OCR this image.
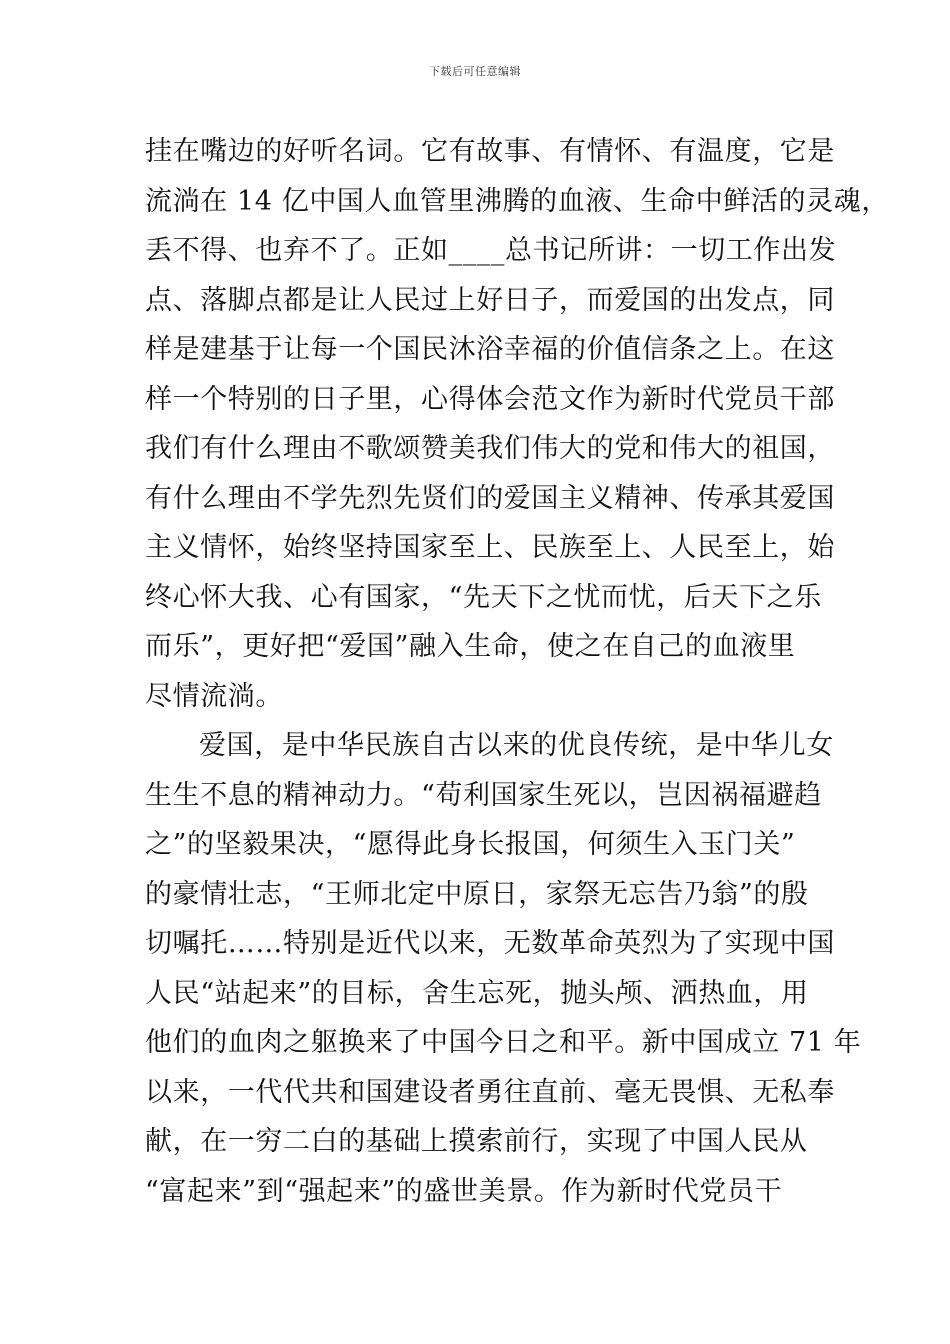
下载后可任意编辑
挂在嘴边的好听名词。它有故事、有情怀、有温度，它是
流淌在 14 亿中国人血管里沸腾的血液、生命中鲜活的灵魂，
丢不得、也弃不了。正如____总书记所讲：一切工作出发
点、落脚点都是让人民过上好日子，而爱国的出发点，同
样是建基于让每一个国民沐浴幸福的价值信条之上。在这
样一个特别的日子里，心得体会范文作为新时代党员干部
我们有什么理由不歌颂赞美我们伟大的党和伟大的祖国，
有什么理由不学先烈先贤们的爱国主义精神、传承其爱国
主义情怀，始终坚持国家至上、民族至上、人民至上，始
终心怀大我、心有国家，“先天下之忧而忧，后天下之乐
而乐”，更好把“爱国”融入生命，使之在自己的血液里
尽情流淌。
爱国，是中华民族自古以来的优良传统，是中华儿女
生生不息的精神动力。“苟利国家生死以，岂因祸福避趋
之”的坚毅果决，“愿得此身长报国，何须生入玉门关”
的豪情壮志，“王师北定中原日，家祭无忘告乃翁”的殷
切嘱托……特别是近代以来，无数革命英烈为了实现中国
人民“站起来”的目标，舍生忘死，抛头颅、洒热血，用
他们的血肉之躯换来了中国今日之和平。新中国成立 71 年
以来，一代代共和国建设者勇往直前、毫无畏惧、无私奉
献，在一穷二白的基础上摸索前行，实现了中国人民从
“富起来”到“强起来”的盛世美景。作为新时代党员干
